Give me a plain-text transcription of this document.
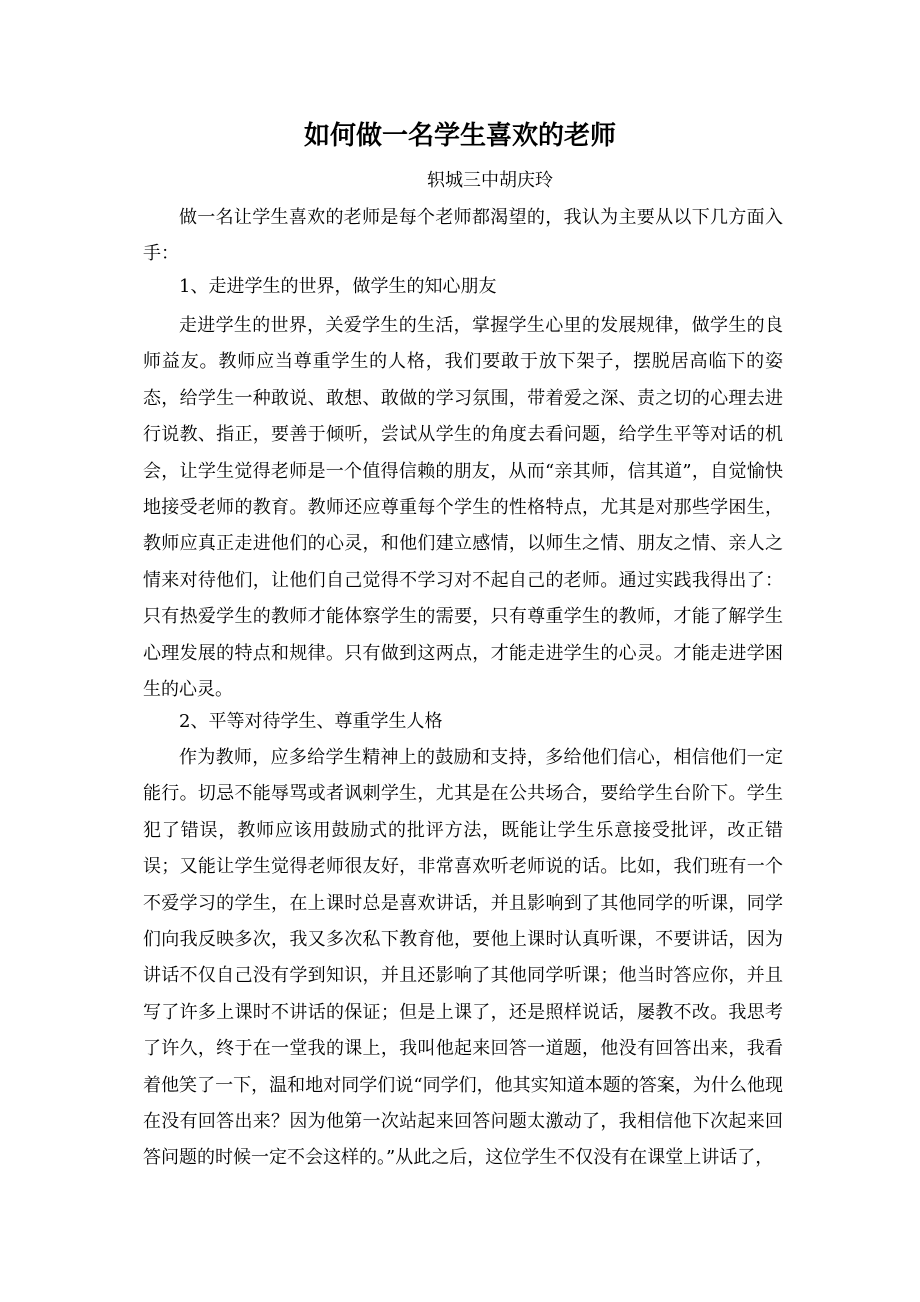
如何做一名学生喜欢的老师
轵城三中胡庆玲

做一名让学生喜欢的老师是每个老师都渴望的，我认为主要从以下几方面入手：

1、走进学生的世界，做学生的知心朋友

走进学生的世界，关爱学生的生活，掌握学生心里的发展规律，做学生的良师益友。教师应当尊重学生的人格，我们要敢于放下架子，摆脱居高临下的姿态，给学生一种敢说、敢想、敢做的学习氛围，带着爱之深、责之切的心理去进行说教、指正，要善于倾听，尝试从学生的角度去看问题，给学生平等对话的机会，让学生觉得老师是一个值得信赖的朋友，从而“亲其师，信其道”，自觉愉快地接受老师的教育。教师还应尊重每个学生的性格特点，尤其是对那些学困生，教师应真正走进他们的心灵，和他们建立感情，以师生之情、朋友之情、亲人之情来对待他们，让他们自己觉得不学习对不起自己的老师。通过实践我得出了：只有热爱学生的教师才能体察学生的需要，只有尊重学生的教师，才能了解学生心理发展的特点和规律。只有做到这两点，才能走进学生的心灵。才能走进学困生的心灵。

2、平等对待学生、尊重学生人格

作为教师，应多给学生精神上的鼓励和支持，多给他们信心，相信他们一定能行。切忌不能辱骂或者讽刺学生，尤其是在公共场合，要给学生台阶下。学生犯了错误，教师应该用鼓励式的批评方法，既能让学生乐意接受批评，改正错误；又能让学生觉得老师很友好，非常喜欢听老师说的话。比如，我们班有一个不爱学习的学生，在上课时总是喜欢讲话，并且影响到了其他同学的听课，同学们向我反映多次，我又多次私下教育他，要他上课时认真听课，不要讲话，因为讲话不仅自己没有学到知识，并且还影响了其他同学听课；他当时答应你，并且写了许多上课时不讲话的保证；但是上课了，还是照样说话，屡教不改。我思考了许久，终于在一堂我的课上，我叫他起来回答一道题，他没有回答出来，我看着他笑了一下，温和地对同学们说“同学们，他其实知道本题的答案，为什么他现在没有回答出来？因为他第一次站起来回答问题太激动了，我相信他下次起来回答问题的时候一定不会这样的。”从此之后，这位学生不仅没有在课堂上讲话了，
